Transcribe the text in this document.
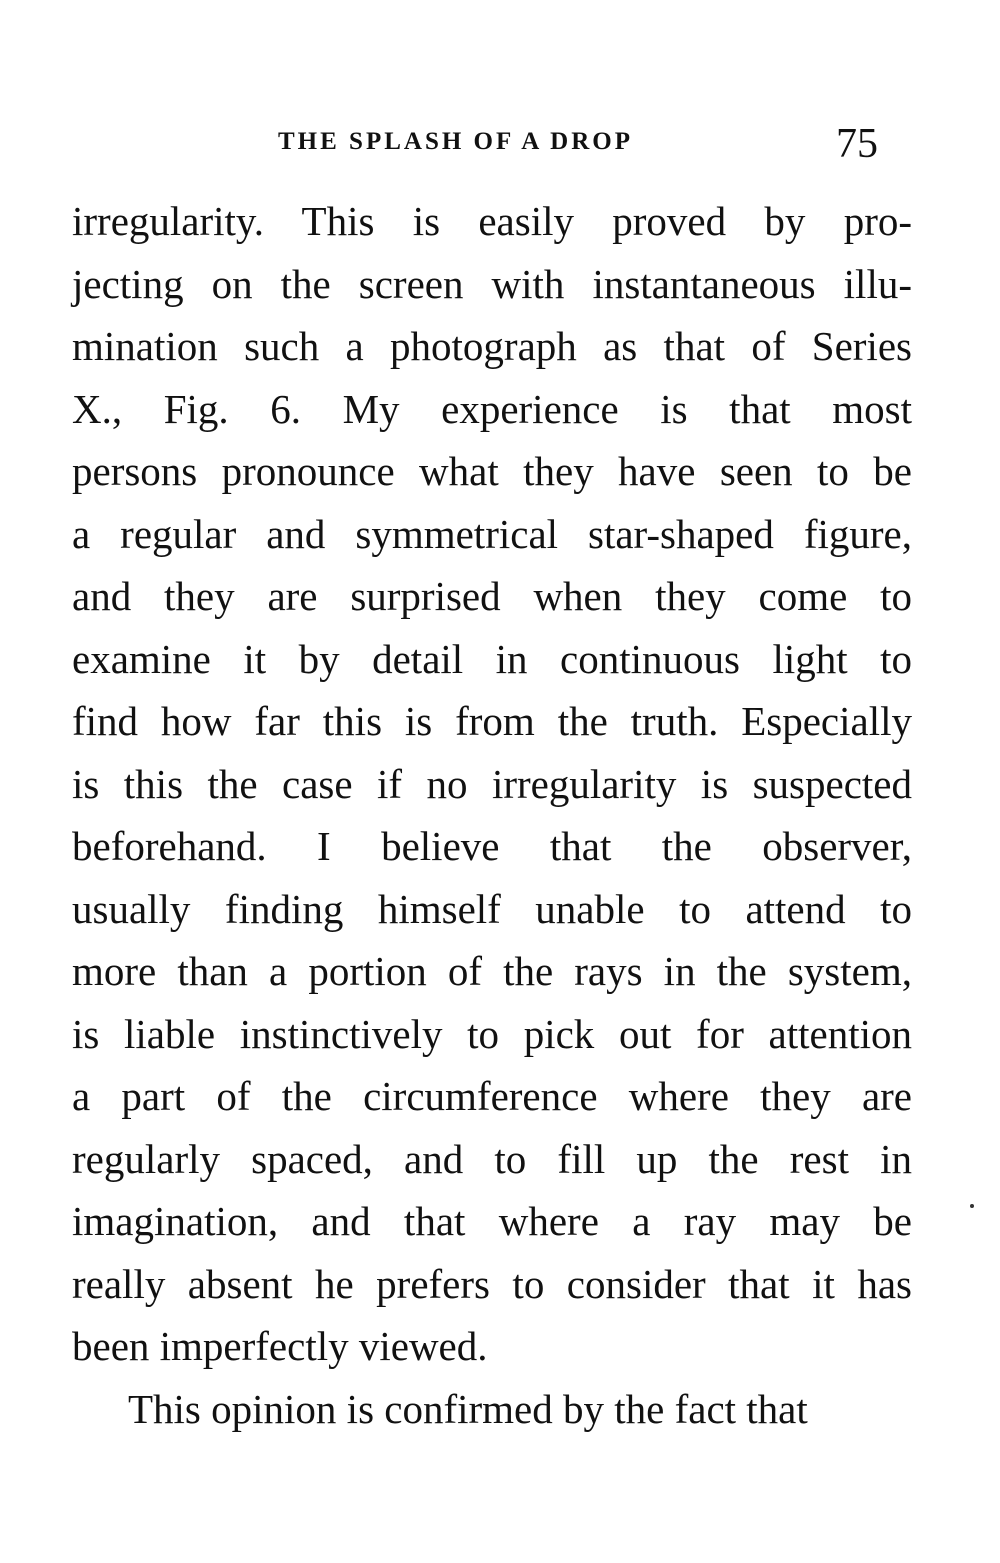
THE SPLASH OF A DROP	75
irregularity. This is easily proved by pro-
jecting on the screen with instantaneous illu-
mination such a photograph as that of Series
X., Fig. 6. My experience is that most
persons pronounce what they have seen to be
a regular and symmetrical star-shaped figure,
and they are surprised when they come to
examine it by detail in continuous light to
find how far this is from the truth. Especially
is this the case if no irregularity is suspected
beforehand. I believe that the observer,
usually finding himself unable to attend to
more than a portion of the rays in the system,
is liable instinctively to pick out for attention
a part of the circumference where they are
regularly spaced, and to fill up the rest in
imagination, and that where a ray may be
really absent he prefers to consider that it has
been imperfectly viewed.
This opinion is confirmed by the fact that
